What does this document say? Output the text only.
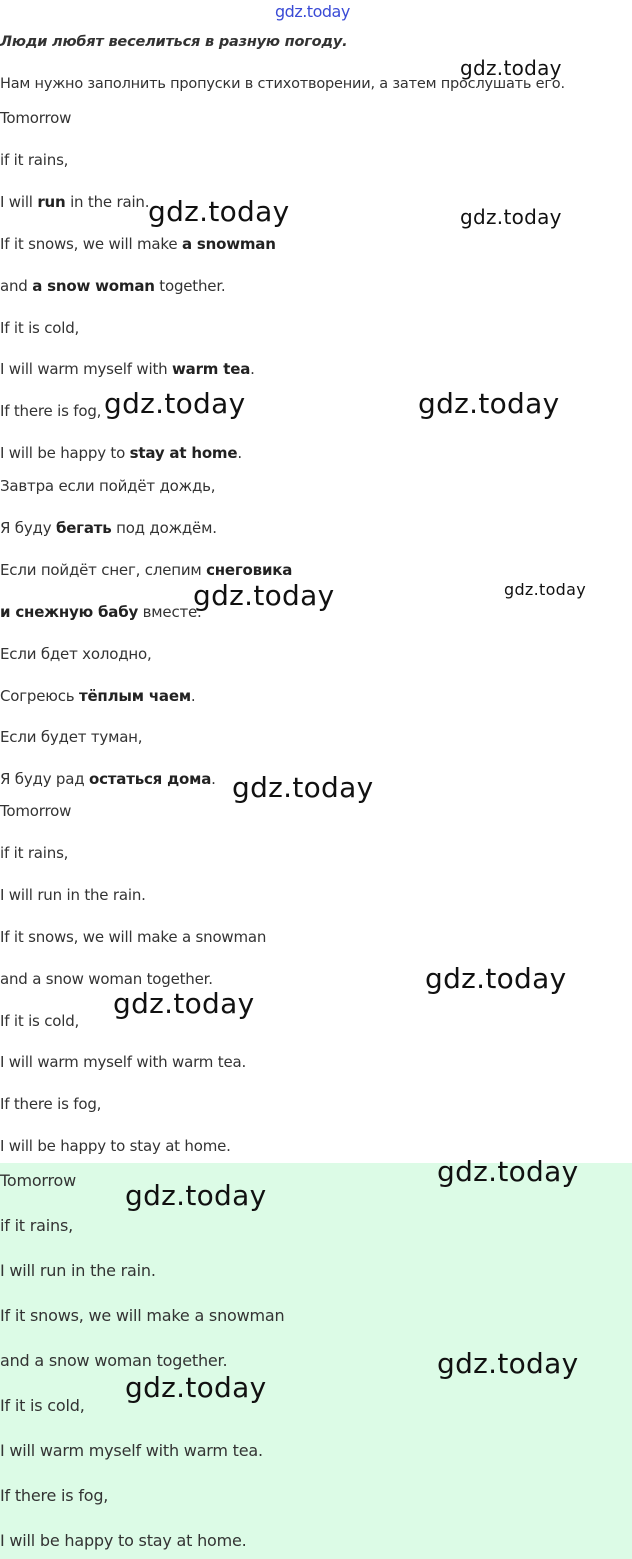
gdz.today
Люди любят веселиться в разную погоду.
Нам нужно заполнить пропуски в стихотворении, а затем прослушать его.
Tomorrow
if it rains,
I will run in the rain.
If it snows, we will make a snowman
and a snow woman together.
If it is cold,
I will warm myself with warm tea.
If there is fog,
I will be happy to stay at home.
Завтра если пойдёт дождь,
Я буду бегать под дождём.
Если пойдёт снег, слепим снеговика
и снежную бабу вместе.
Если бдет холодно,
Согреюсь тёплым чаем.
Если будет туман,
Я буду рад остаться дома.
Tomorrow
if it rains,
I will run in the rain.
If it snows, we will make a snowman
and a snow woman together.
If it is cold,
I will warm myself with warm tea.
If there is fog,
I will be happy to stay at home.
Tomorrow
if it rains,
I will run in the rain.
If it snows, we will make a snowman
and a snow woman together.
If it is cold,
I will warm myself with warm tea.
If there is fog,
I will be happy to stay at home.
gdz.today
gdz.today	gdz.today
gdz.today	gdz.today
gdz.today	gdz.today
gdz.today
gdz.today
gdz.today
gdz.today
gdz.today
gdz.today
gdz.today
